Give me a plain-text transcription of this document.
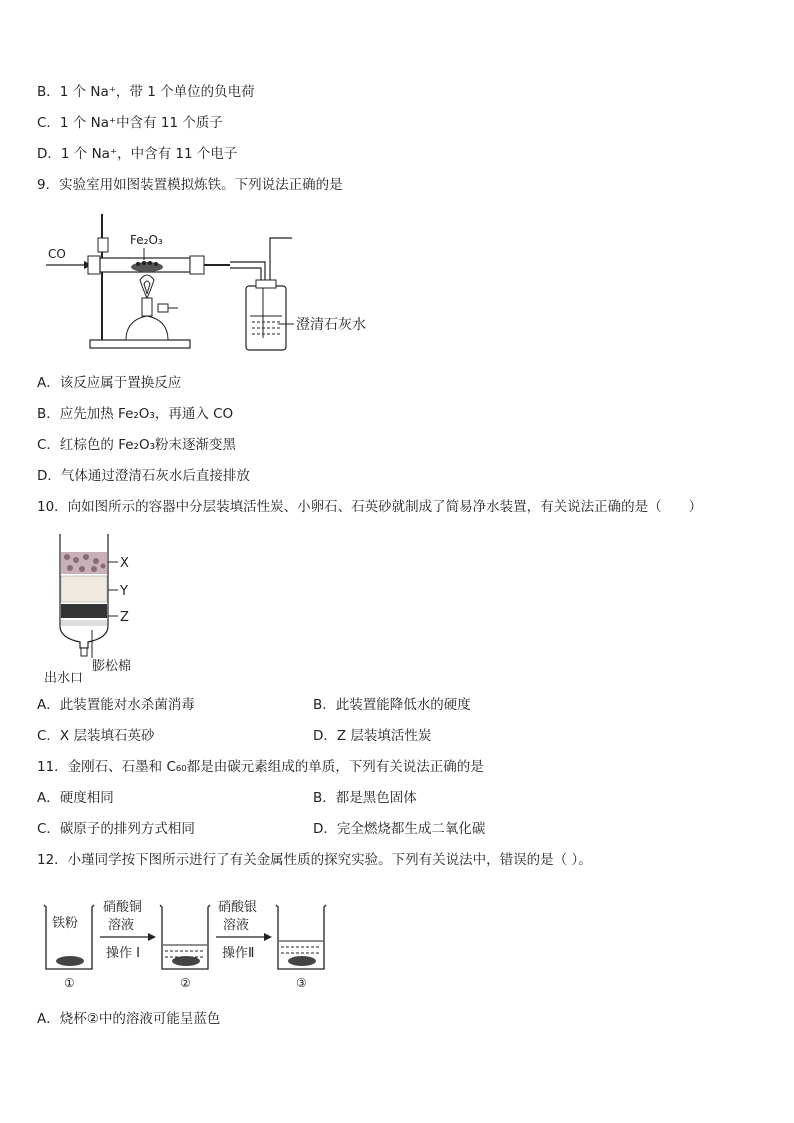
B．1 个 Na⁺，带 1 个单位的负电荷
C．1 个 Na⁺中含有 11 个质子
D．1 个 Na⁺，中含有 11 个电子
9．实验室用如图装置模拟炼铁。下列说法正确的是
CO
Fe₂O₃
澄清石灰水
A．该反应属于置换反应
B．应先加热 Fe₂O₃，再通入 CO
C．红棕色的 Fe₂O₃粉末逐渐变黑
D．气体通过澄清石灰水后直接排放
10．向如图所示的容器中分层装填活性炭、小卵石、石英砂就制成了简易净水装置，有关说法正确的是（　　）
X
Y
Z
膨松棉
出水口
A．此装置能对水杀菌消毒	B．此装置能降低水的硬度
C．X 层装填石英砂	D．Z 层装填活性炭
11．金刚石、石墨和 C₆₀都是由碳元素组成的单质，下列有关说法正确的是
A．硬度相同	B．都是黑色固体
C．碳原子的排列方式相同	D．完全燃烧都生成二氧化碳
12．小瑾同学按下图所示进行了有关金属性质的探究实验。下列有关说法中，错误的是（ ）。
铁粉
①
硝酸铜
溶液
操作 I
②
硝酸银
溶液
操作Ⅱ
③
A．烧杯②中的溶液可能呈蓝色
